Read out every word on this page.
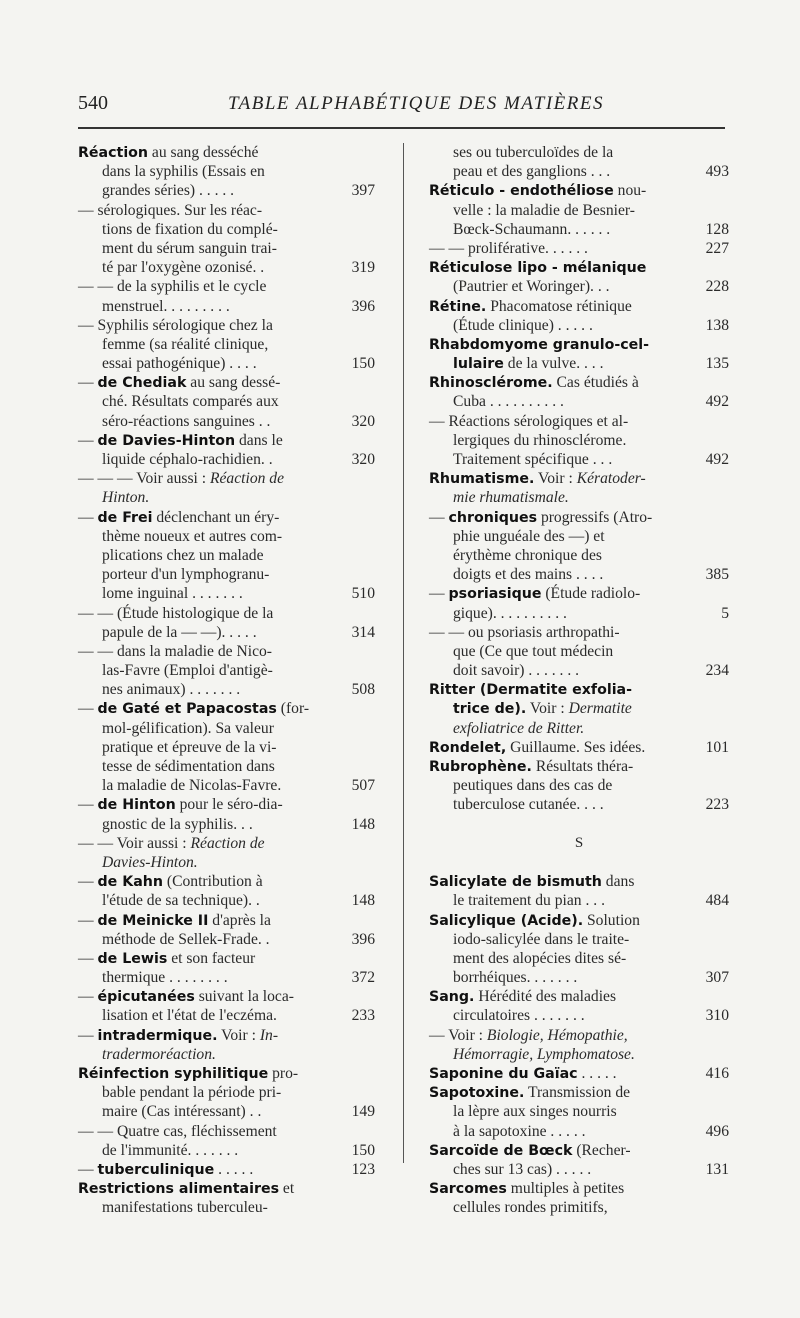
540	TABLE ALPHABÉTIQUE DES MATIÈRES
Réaction au sang desséché
dans la syphilis (Essais en
grandes séries) . . . . .	397
— sérologiques. Sur les réac-
tions de fixation du complé-
ment du sérum sanguin trai-
té par l'oxygène ozonisé. .	319
— — de la syphilis et le cycle
menstruel. . . . . . . . .	396
— Syphilis sérologique chez la
femme (sa réalité clinique,
essai pathogénique) . . . .	150
— de Chediak au sang dessé-
ché. Résultats comparés aux
séro-réactions sanguines . .	320
— de Davies-Hinton dans le
liquide céphalo-rachidien. .	320
— — — Voir aussi : Réaction de
Hinton.
— de Frei déclenchant un éry-
thème noueux et autres com-
plications chez un malade
porteur d'un lymphogranu-
lome inguinal . . . . . . .	510
— — (Étude histologique de la
papule de la — —). . . . .	314
— — dans la maladie de Nico-
las-Favre (Emploi d'antigè-
nes animaux) . . . . . . .	508
— de Gaté et Papacostas (for-
mol-gélification). Sa valeur
pratique et épreuve de la vi-
tesse de sédimentation dans
la maladie de Nicolas-Favre.	507
— de Hinton pour le séro-dia-
gnostic de la syphilis. . .	148
— — Voir aussi : Réaction de
Davies-Hinton.
— de Kahn (Contribution à
l'étude de sa technique). .	148
— de Meinicke II d'après la
méthode de Sellek-Frade. .	396
— de Lewis et son facteur
thermique . . . . . . . .	372
— épicutanées suivant la loca-
lisation et l'état de l'eczéma.	233
— intradermique. Voir : In-
tradermoréaction.
Réinfection syphilitique pro-
bable pendant la période pri-
maire (Cas intéressant) . .	149
— — Quatre cas, fléchissement
de l'immunité. . . . . . .	150
— tuberculinique . . . . .	123
Restrictions alimentaires et
manifestations tuberculeu-
ses ou tuberculoïdes de la
peau et des ganglions . . .	493
Réticulo - endothéliose nou-
velle : la maladie de Besnier-
Bœck-Schaumann. . . . . .	128
— — proliférative. . . . . .	227
Réticulose lipo - mélanique
(Pautrier et Woringer). . .	228
Rétine. Phacomatose rétinique
(Étude clinique) . . . . .	138
Rhabdomyome granulo-cel-
lulaire de la vulve. . . .	135
Rhinosclérome. Cas étudiés à
Cuba . . . . . . . . . .	492
— Réactions sérologiques et al-
lergiques du rhinosclérome.
Traitement spécifique . . .	492
Rhumatisme. Voir : Kératoder-
mie rhumatismale.
— chroniques progressifs (Atro-
phie unguéale des —) et
érythème chronique des
doigts et des mains . . . .	385
— psoriasique (Étude radiolo-
gique). . . . . . . . . .	5
— — ou psoriasis arthropathi-
que (Ce que tout médecin
doit savoir) . . . . . . .	234
Ritter (Dermatite exfolia-
trice de). Voir : Dermatite
exfoliatrice de Ritter.
Rondelet, Guillaume. Ses idées.	101
Rubrophène. Résultats théra-
peutiques dans des cas de
tuberculose cutanée. . . .	223
S
Salicylate de bismuth dans
le traitement du pian . . .	484
Salicylique (Acide). Solution
iodo-salicylée dans le traite-
ment des alopécies dites sé-
borrhéiques. . . . . . .	307
Sang. Hérédité des maladies
circulatoires . . . . . . .	310
— Voir : Biologie, Hémopathie,
Hémorragie, Lymphomatose.
Saponine du Gaïac . . . . .	416
Sapotoxine. Transmission de
la lèpre aux singes nourris
à la sapotoxine . . . . .	496
Sarcoïde de Bœck (Recher-
ches sur 13 cas) . . . . .	131
Sarcomes multiples à petites
cellules rondes primitifs,
